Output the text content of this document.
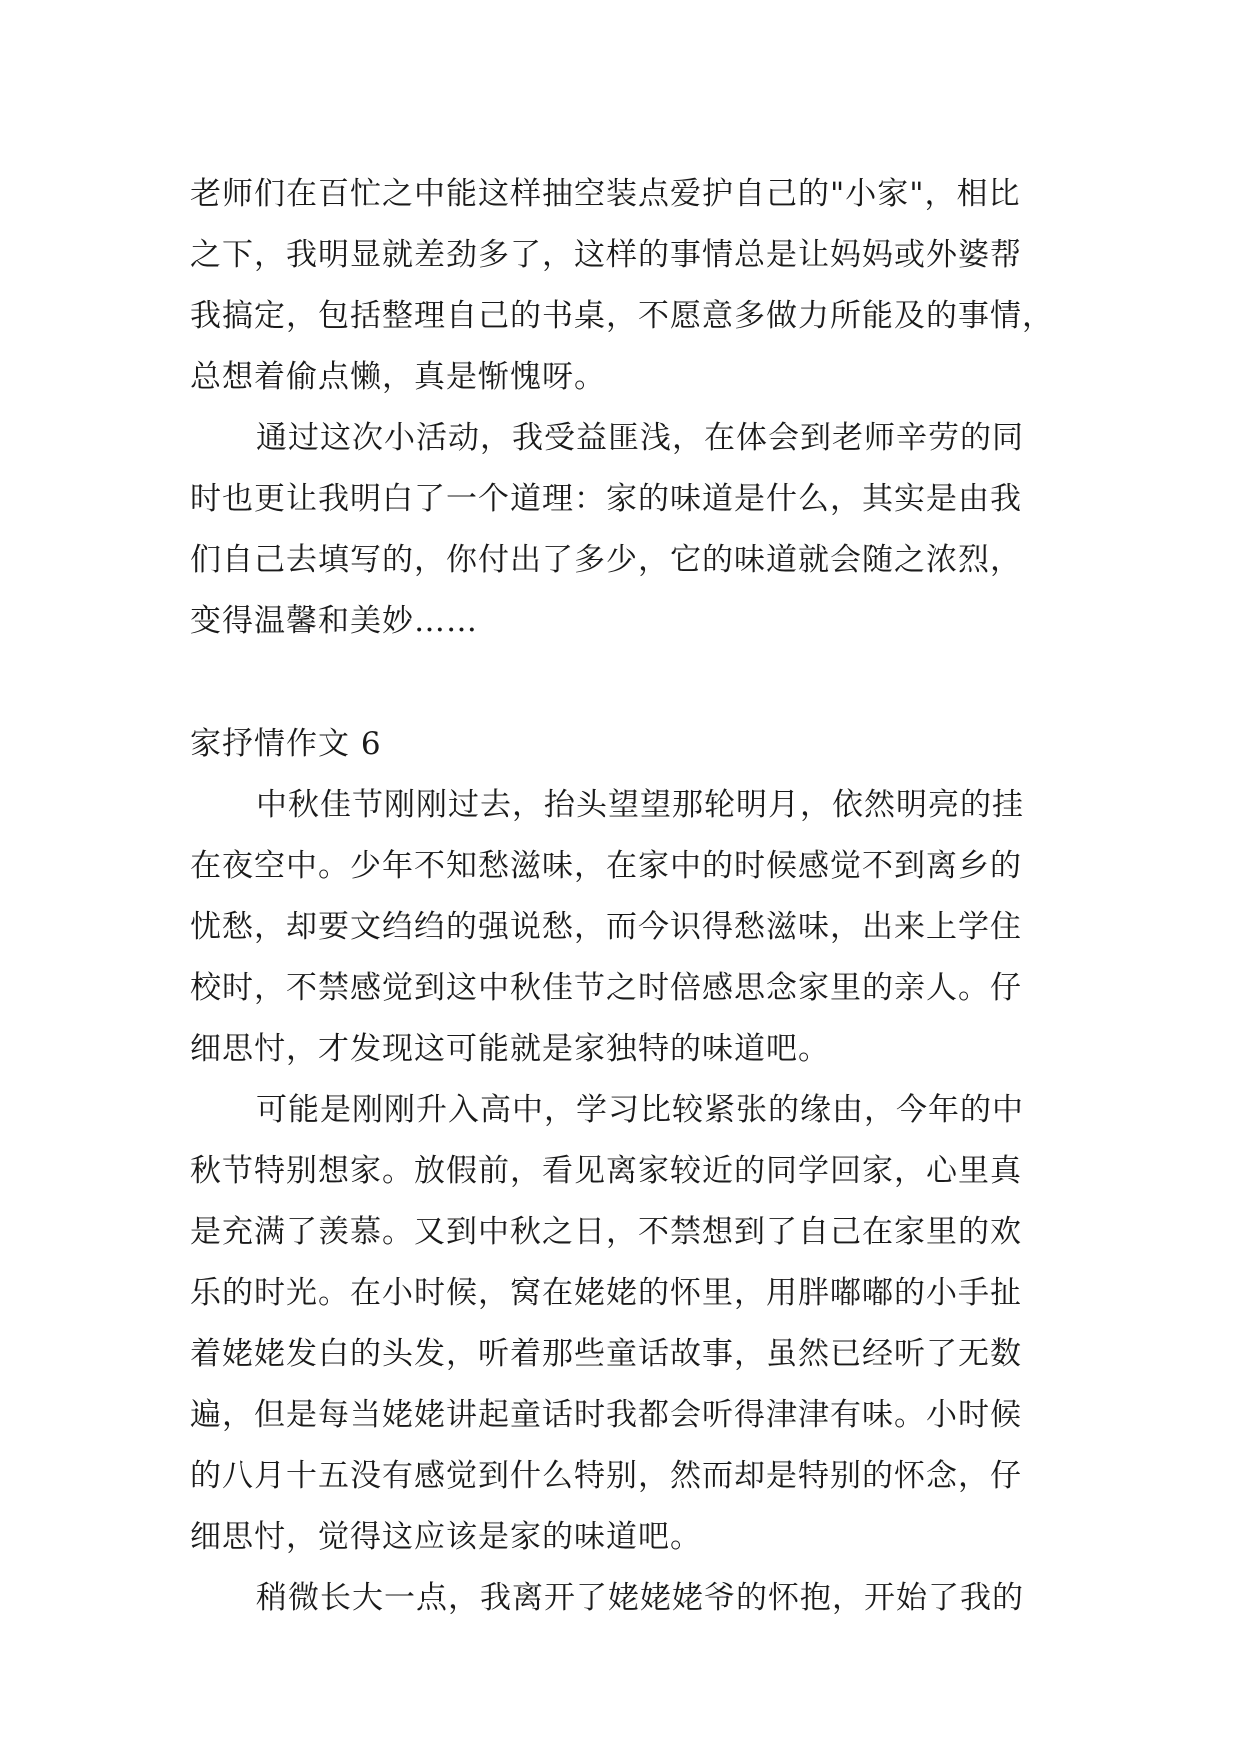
老师们在百忙之中能这样抽空装点爱护自己的"小家"，相比
之下，我明显就差劲多了，这样的事情总是让妈妈或外婆帮
我搞定，包括整理自己的书桌，不愿意多做力所能及的事情，
总想着偷点懒，真是惭愧呀。
通过这次小活动，我受益匪浅，在体会到老师辛劳的同
时也更让我明白了一个道理：家的味道是什么，其实是由我
们自己去填写的，你付出了多少，它的味道就会随之浓烈，
变得温馨和美妙……
家抒情作文 6
中秋佳节刚刚过去，抬头望望那轮明月，依然明亮的挂
在夜空中。少年不知愁滋味，在家中的时候感觉不到离乡的
忧愁，却要文绉绉的强说愁，而今识得愁滋味，出来上学住
校时，不禁感觉到这中秋佳节之时倍感思念家里的亲人。仔
细思忖，才发现这可能就是家独特的味道吧。
可能是刚刚升入高中，学习比较紧张的缘由，今年的中
秋节特别想家。放假前，看见离家较近的同学回家，心里真
是充满了羡慕。又到中秋之日，不禁想到了自己在家里的欢
乐的时光。在小时候，窝在姥姥的怀里，用胖嘟嘟的小手扯
着姥姥发白的头发，听着那些童话故事，虽然已经听了无数
遍，但是每当姥姥讲起童话时我都会听得津津有味。小时候
的八月十五没有感觉到什么特别，然而却是特别的怀念，仔
细思忖，觉得这应该是家的味道吧。
稍微长大一点，我离开了姥姥姥爷的怀抱，开始了我的
